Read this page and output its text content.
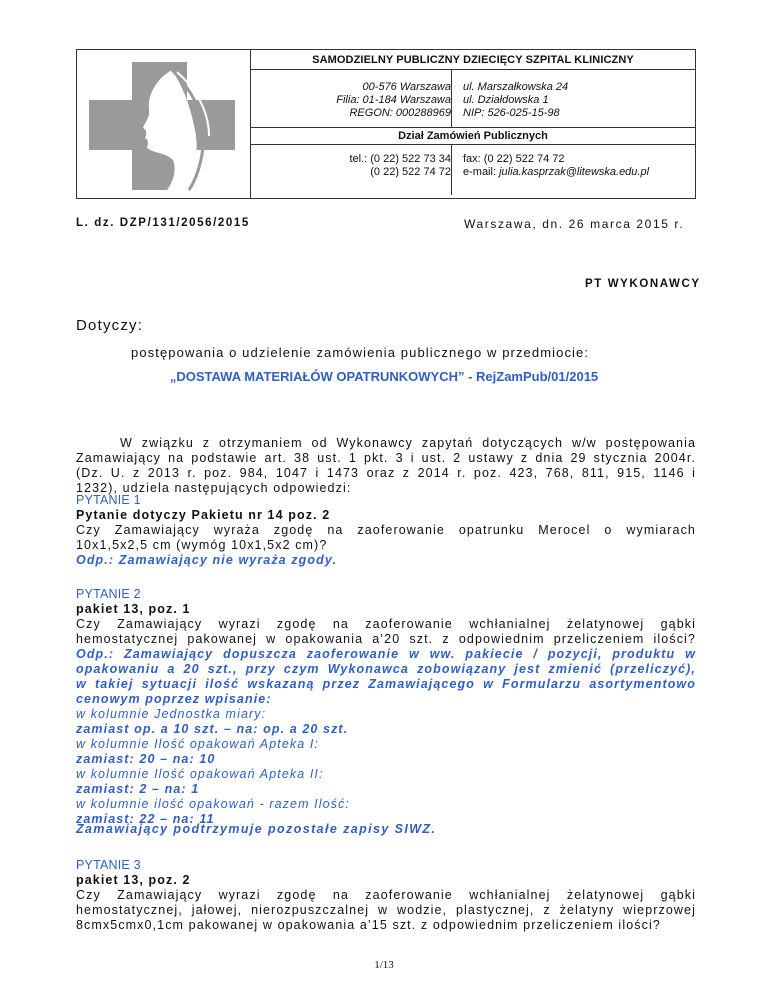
SAMODZIELNY PUBLICZNY DZIECIĘCY SZPITAL KLINICZNY
00-576 Warszawa
Filia: 01-184 Warszawa
REGON: 000288969
ul. Marszałkowska 24
ul. Działdowska 1
NIP: 526-025-15-98
Dział Zamówień Publicznych
tel.: (0 22) 522 73 34
(0 22) 522 74 72
fax: (0 22) 522 74 72
e-mail: julia.kasprzak@litewska.edu.pl
L. dz. DZP/131/2056/2015	Warszawa, dn. 26 marca 2015 r.
PT WYKONAWCY
Dotyczy:
postępowania o udzielenie zamówienia publicznego w przedmiocie:
„DOSTAWA MATERIAŁÓW OPATRUNKOWYCH” - RejZamPub/01/2015
W związku z otrzymaniem od Wykonawcy zapytań dotyczących w/w postępowania
Zamawiający na podstawie art. 38 ust. 1 pkt. 3 i ust. 2 ustawy z dnia 29 stycznia 2004r.
(Dz. U. z 2013 r. poz. 984, 1047 i 1473 oraz z 2014 r. poz. 423, 768, 811, 915, 1146 i
1232), udziela następujących odpowiedzi:
PYTANIE 1
Pytanie dotyczy Pakietu nr 14 poz. 2
Czy Zamawiający wyraża zgodę na zaoferowanie opatrunku Merocel o wymiarach
10x1,5x2,5 cm (wymóg 10x1,5x2 cm)?
Odp.: Zamawiający nie wyraża zgody.
PYTANIE 2
pakiet 13, poz. 1
Czy Zamawiający wyrazi zgodę na zaoferowanie wchłanialnej żelatynowej gąbki
hemostatycznej pakowanej w opakowania a’20 szt. z odpowiednim przeliczeniem ilości?
Odp.: Zamawiający dopuszcza zaoferowanie w ww. pakiecie / pozycji, produktu w
opakowaniu a 20 szt., przy czym Wykonawca zobowiązany jest zmienić (przeliczyć),
w takiej sytuacji ilość wskazaną przez Zamawiającego w Formularzu asortymentowo
cenowym poprzez wpisanie:
w kolumnie Jednostka miary:
zamiast op. a 10 szt. – na: op. a 20 szt.
w kolumnie Ilość opakowań Apteka I:
zamiast: 20 – na: 10
w kolumnie Ilość opakowań Apteka II:
zamiast: 2 – na: 1
w kolumnie ilość opakowań - razem Ilość:
zamiast: 22 – na: 11
Zamawiający podtrzymuje pozostałe zapisy SIWZ.
PYTANIE 3
pakiet 13, poz. 2
Czy Zamawiający wyrazi zgodę na zaoferowanie wchłanialnej żelatynowej gąbki
hemostatycznej, jałowej, nierozpuszczalnej w wodzie, plastycznej, z żelatyny wieprzowej
8cmx5cmx0,1cm pakowanej w opakowania a’15 szt. z odpowiednim przeliczeniem ilości?
1/13
